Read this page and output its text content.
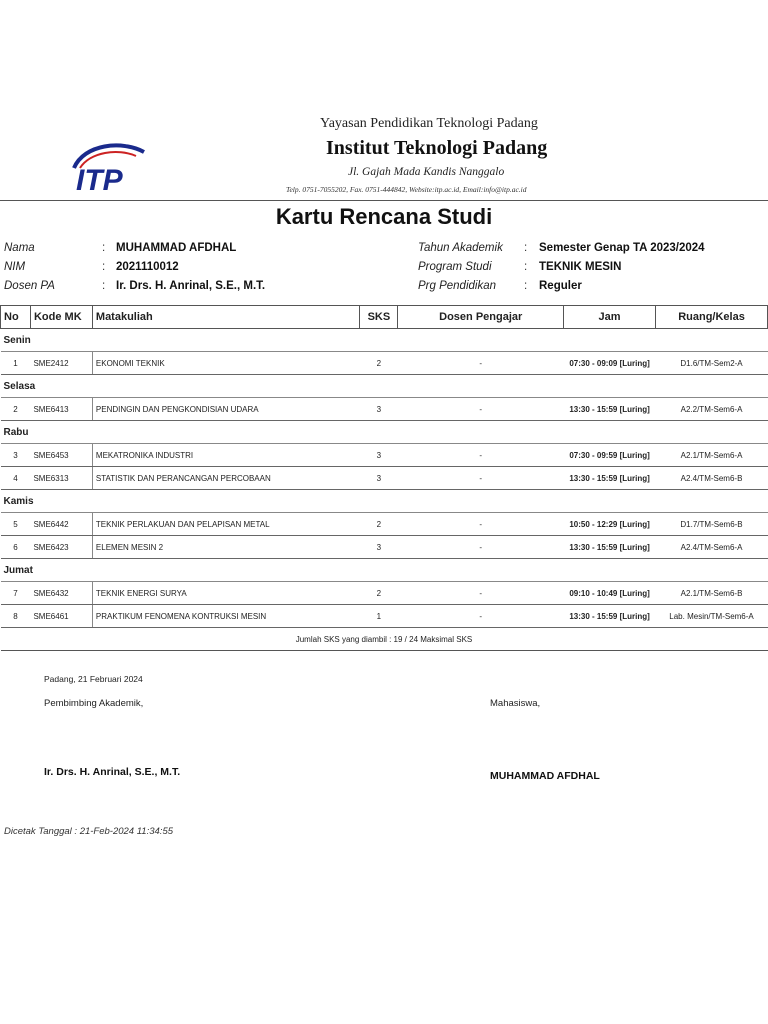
ITP
Yayasan Pendidikan Teknologi Padang
Institut Teknologi Padang
Jl. Gajah Mada Kandis Nanggalo
Telp. 0751-7055202, Fax. 0751-444842, Website:itp.ac.id, Email:info@itp.ac.id
Kartu Rencana Studi
Nama	: MUHAMMAD AFDHAL
NIM	: 2021110012
Dosen PA	: Ir. Drs. H. Anrinal, S.E., M.T.
Tahun Akademik : Semester Genap TA 2023/2024
Program Studi	: TEKNIK MESIN
Prg Pendidikan : Reguler
No	Kode MK	Matakuliah	SKS	Dosen Pengajar	Jam	Ruang/Kelas
Senin						
1	SME2412	EKONOMI TEKNIK	2	-	07:30 - 09:09 [Luring]	D1.6/TM-Sem2-A
Selasa						
2	SME6413	PENDINGIN DAN PENGKONDISIAN UDARA	3	-	13:30 - 15:59 [Luring]	A2.2/TM-Sem6-A
Rabu						
3	SME6453	MEKATRONIKA INDUSTRI	3	-	07:30 - 09:59 [Luring]	A2.1/TM-Sem6-A
4	SME6313	STATISTIK DAN PERANCANGAN PERCOBAAN	3	-	13:30 - 15:59 [Luring]	A2.4/TM-Sem6-B
Kamis						
5	SME6442	TEKNIK PERLAKUAN DAN PELAPISAN METAL	2	-	10:50 - 12:29 [Luring]	D1.7/TM-Sem6-B
6	SME6423	ELEMEN MESIN 2	3	-	13:30 - 15:59 [Luring]	A2.4/TM-Sem6-A
Jumat						
7	SME6432	TEKNIK ENERGI SURYA	2	-	09:10 - 10:49 [Luring]	A2.1/TM-Sem6-B
8	SME6461	PRAKTIKUM FENOMENA KONTRUKSI MESIN	1	-	13:30 - 15:59 [Luring]	Lab. Mesin/TM-Sem6-A
Jumlah SKS yang diambil : 19 / 24 Maksimal SKS						
Padang, 21 Februari 2024
Pembimbing Akademik,	Mahasiswa,
Ir. Drs. H. Anrinal, S.E., M.T.	MUHAMMAD AFDHAL
Dicetak Tanggal : 21-Feb-2024 11:34:55
